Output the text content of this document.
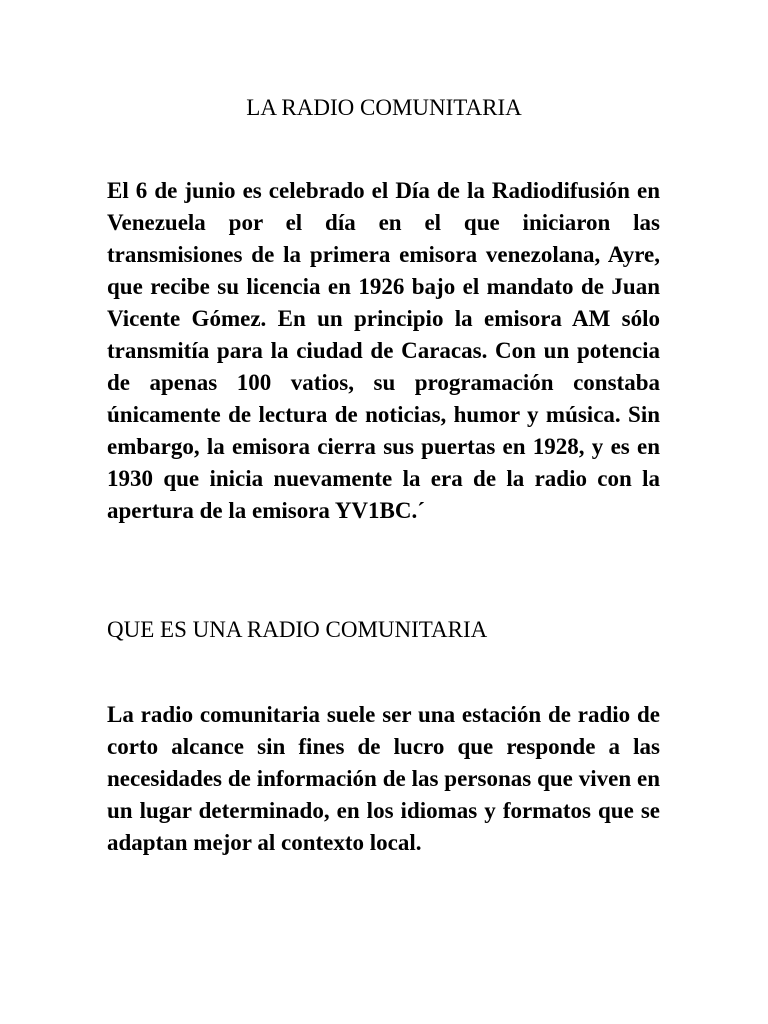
LA RADIO COMUNITARIA

El 6 de junio es celebrado el Día de la Radiodifusión en Venezuela por el día en el que iniciaron las transmisiones de la primera emisora venezolana, Ayre, que recibe su licencia en 1926 bajo el mandato de Juan Vicente Gómez. En un principio la emisora AM sólo transmitía para la ciudad de Caracas. Con un potencia de apenas 100 vatios, su programación constaba únicamente de lectura de noticias, humor y música. Sin embargo, la emisora cierra sus puertas en 1928, y es en 1930 que inicia nuevamente la era de la radio con la apertura de la emisora YV1BC.´

QUE ES UNA RADIO COMUNITARIA

La radio comunitaria suele ser una estación de radio de corto alcance sin fines de lucro que responde a las necesidades de información de las personas que viven en un lugar determinado, en los idiomas y formatos que se adaptan mejor al contexto local.
